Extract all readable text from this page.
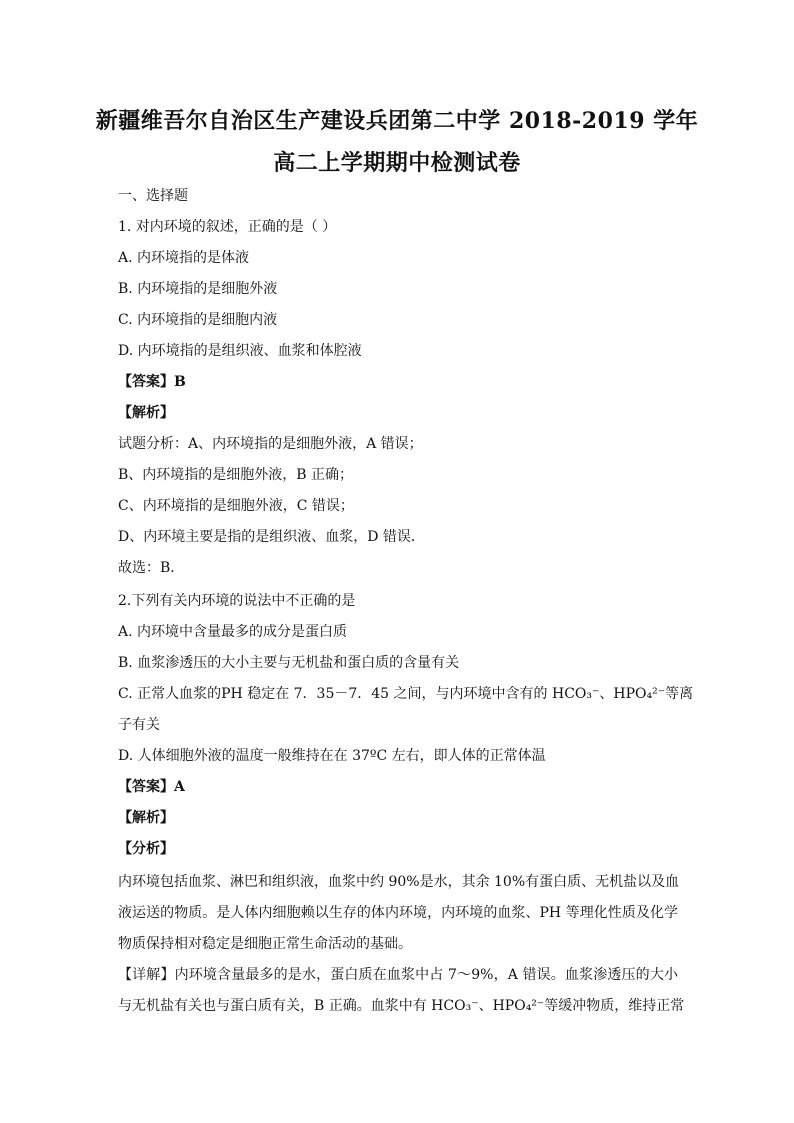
新疆维吾尔自治区生产建设兵团第二中学 2018-2019 学年
高二上学期期中检测试卷
一、选择题
1. 对内环境的叙述，正确的是（ ）
A. 内环境指的是体液
B. 内环境指的是细胞外液
C. 内环境指的是细胞内液
D. 内环境指的是组织液、血浆和体腔液
【答案】B
【解析】
试题分析：A、内环境指的是细胞外液，A 错误；
B、内环境指的是细胞外液，B 正确；
C、内环境指的是细胞外液，C 错误；
D、内环境主要是指的是组织液、血浆，D 错误．
故选：B．
2.下列有关内环境的说法中不正确的是
A. 内环境中含量最多的成分是蛋白质
B. 血浆渗透压的大小主要与无机盐和蛋白质的含量有关
C. 正常人血浆的PH 稳定在 7．35－7．45 之间，与内环境中含有的 HCO₃⁻、HPO₄²⁻等离
子有关
D. 人体细胞外液的温度一般维持在在 37ºC 左右，即人体的正常体温
【答案】A
【解析】
【分析】
内环境包括血浆、淋巴和组织液，血浆中约 90%是水，其余 10%有蛋白质、无机盐以及血
液运送的物质。是人体内细胞赖以生存的体内环境，内环境的血浆、PH 等理化性质及化学
物质保持相对稳定是细胞正常生命活动的基础。
【详解】内环境含量最多的是水，蛋白质在血浆中占 7～9%，A 错误。血浆渗透压的大小
与无机盐有关也与蛋白质有关，B 正确。血浆中有 HCO₃⁻、HPO₄²⁻等缓冲物质，维持正常
